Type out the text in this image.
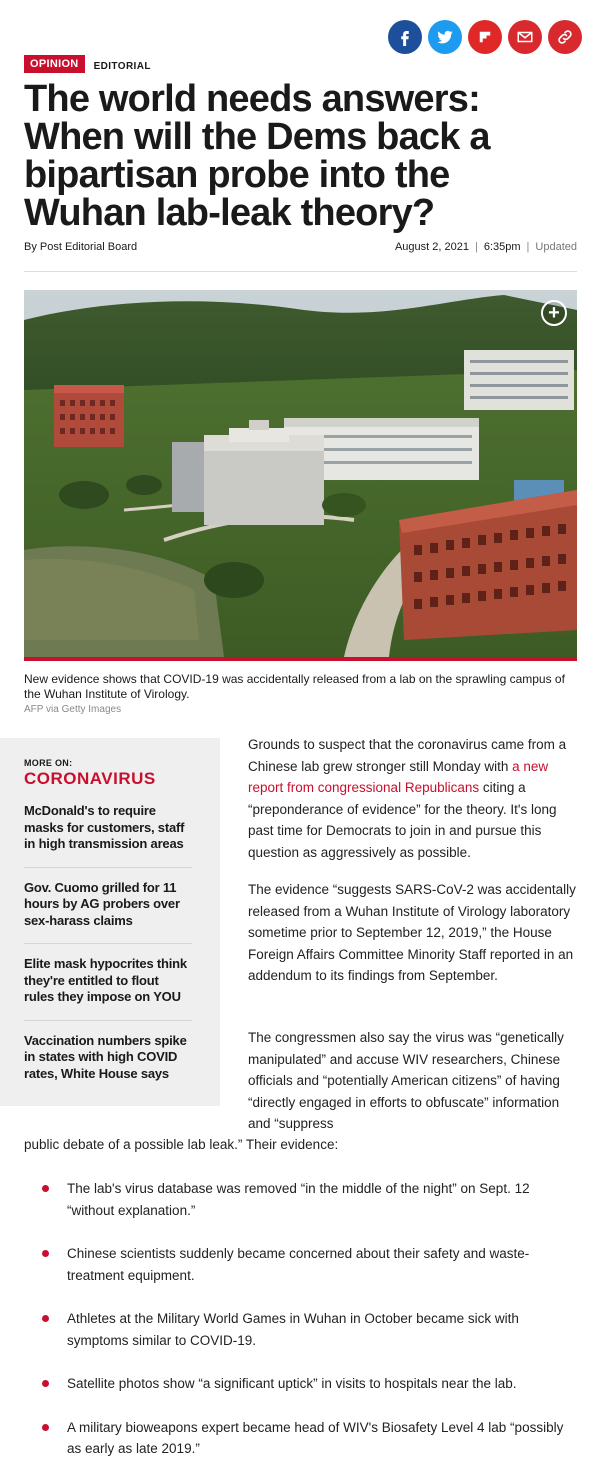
OPINION	EDITORIAL
The world needs answers: When will the Dems back a bipartisan probe into the Wuhan lab-leak theory?
By Post Editorial Board	August 2, 2021 | 6:35pm | Updated
+
New evidence shows that COVID-19 was accidentally released from a lab on the sprawling campus of the Wuhan Institute of Virology.
AFP via Getty Images
MORE ON:
CORONAVIRUS
McDonald's to require masks for customers, staff in high transmission areas
Gov. Cuomo grilled for 11 hours by AG probers over sex-harass claims
Elite mask hypocrites think they're entitled to flout rules they impose on YOU
Vaccination numbers spike in states with high COVID rates, White House says

Grounds to suspect that the coronavirus came from a Chinese lab grew stronger still Monday with a new report from congressional Republicans citing a “preponderance of evidence” for the theory. It's long past time for Democrats to join in and pursue this question as aggressively as possible.

The evidence “suggests SARS-CoV-2 was accidentally released from a Wuhan Institute of Virology laboratory sometime prior to September 12, 2019,” the House Foreign Affairs Committee Minority Staff reported in an addendum to its findings from September.

The congressmen also say the virus was “genetically manipulated” and accuse WIV researchers, Chinese officials and “potentially American citizens” of having “directly engaged in efforts to obfuscate” information and “suppress

public debate of a possible lab leak.” Their evidence:

The lab's virus database was removed “in the middle of the night” on Sept. 12 “without explanation.”
Chinese scientists suddenly became concerned about their safety and waste-treatment equipment.
Athletes at the Military World Games in Wuhan in October became sick with symptoms similar to COVID-19.
Satellite photos show “a significant uptick” in visits to hospitals near the lab.
A military bioweapons expert became head of WIV's Biosafety Level 4 lab “possibly as early as late 2019.”
